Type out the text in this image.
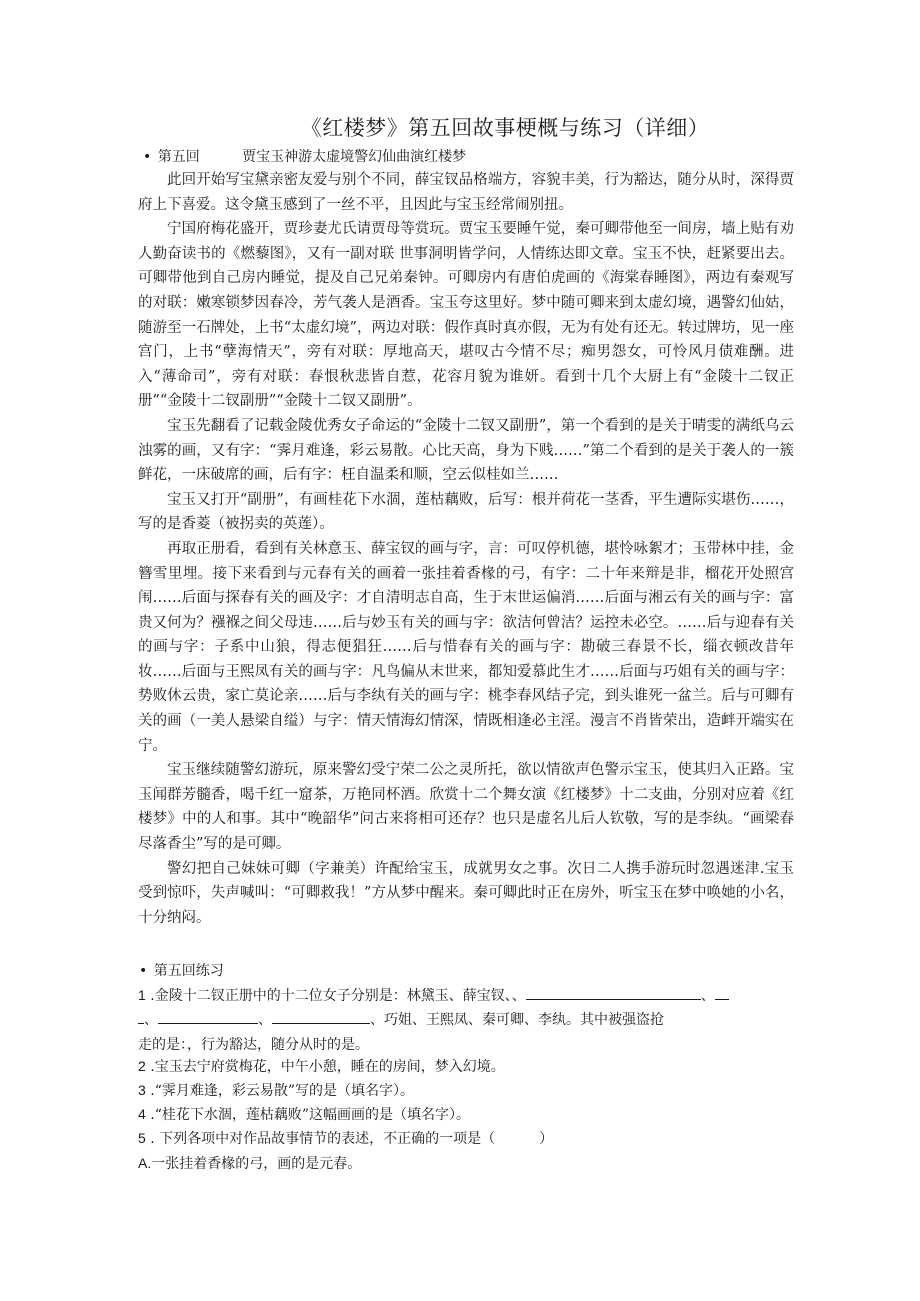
《红楼梦》第五回故事梗概与练习（详细）
• 第五回	贾宝玉神游太虚境警幻仙曲演红楼梦

此回开始写宝黛亲密友爱与别个不同，薛宝钗品格端方，容貌丰美，行为豁达，随分从时，深得贾府上下喜爱。这令黛玉感到了一丝不平，且因此与宝玉经常闹别扭。

宁国府梅花盛开，贾珍妻尤氏请贾母等赏玩。贾宝玉要睡午觉，秦可卿带他至一间房，墙上贴有劝人勤奋读书的《燃藜图》，又有一副对联 世事洞明皆学问，人情练达即文章。宝玉不快，赶紧要出去。可卿带他到自己房内睡觉，提及自己兄弟秦钟。可卿房内有唐伯虎画的《海棠春睡图》，两边有秦观写的对联：嫩寒锁梦因春冷，芳气袭人是酒香。宝玉夸这里好。梦中随可卿来到太虚幻境，遇警幻仙姑，随游至一石牌处，上书“太虚幻境”，两边对联：假作真时真亦假，无为有处有还无。转过牌坊，见一座宫门，上书“孽海情天”，旁有对联：厚地高天，堪叹古今情不尽；痴男怨女，可怜风月债难酬。进入“薄命司”，旁有对联：春恨秋悲皆自惹，花容月貌为谁妍。看到十几个大厨上有“金陵十二钗正册”“金陵十二钗副册”“金陵十二钗又副册”。

宝玉先翻看了记载金陵优秀女子命运的“金陵十二钗又副册”，第一个看到的是关于晴雯的满纸乌云浊雾的画，又有字：“霁月难逢，彩云易散。心比天高，身为下贱……”第二个看到的是关于袭人的一簇鲜花，一床破席的画，后有字：枉自温柔和顺，空云似桂如兰……

宝玉又打开“副册”，有画桂花下水涸，莲枯藕败，后写：根并荷花一茎香，平生遭际实堪伤……，写的是香菱（被拐卖的英莲）。

再取正册看，看到有关林意玉、薛宝钗的画与字，言：可叹停机德，堪怜咏絮才；玉带林中挂，金簪雪里埋。接下来看到与元春有关的画着一张挂着香椽的弓，有字：二十年来辩是非，榴花开处照宫闱……后面与探春有关的画及字：才自清明志自高，生于末世运偏消……后面与湘云有关的画与字：富贵又何为？襁褓之间父母违……后与妙玉有关的画与字：欲洁何曾洁？运控未必空。……后与迎春有关的画与字：子系中山狼，得志便猖狂……后与惜春有关的画与字：勘破三春景不长，缁衣顿改昔年妆……后面与王熙凤有关的画与字：凡鸟偏从末世来，都知爱慕此生才……后面与巧姐有关的画与字：势败休云贵，家亡莫论亲……后与李纨有关的画与字：桃李春风结子完，到头谁死一盆兰。后与可卿有关的画（一美人悬梁自缢）与字：情天情海幻情深，情既相逢必主淫。漫言不肖皆荣出，造衅开端实在宁。

宝玉继续随警幻游玩，原来警幻受宁荣二公之灵所托，欲以情欲声色警示宝玉，使其归入正路。宝玉闻群芳髓香，喝千红一窟茶，万艳同杯酒。欣赏十二个舞女演《红楼梦》十二支曲，分别对应着《红楼梦》中的人和事。其中“晚韶华”问古来将相可还存？也只是虚名儿后人钦敬，写的是李纨。“画梁春尽落香尘”写的是可卿。

警幻把自己妹妹可卿（字兼美）许配给宝玉，成就男女之事。次日二人携手游玩时忽遇迷津.宝玉受到惊吓，失声喊叫：“可卿救我！”方从梦中醒来。秦可卿此时正在房外，听宝玉在梦中唤她的小名，十分纳闷。

• 第五回练习
1 .金陵十二钗正册中的十二位女子分别是：林黛玉、薛宝钗、、	、
、	、	、巧姐、王熙凤、秦可卿、李纨。其中被强盗抢
走的是：，行为豁达，随分从时的是。
2 .宝玉去宁府赏梅花，中午小憩，睡在的房间，梦入幻境。
3 .“霁月难逢，彩云易散”写的是（填名字）。
4 .“桂花下水涸，莲枯藕败”这幅画画的是（填名字）。
5 . 下列各项中对作品故事情节的表述，不正确的一项是（	）
A.一张挂着香椽的弓，画的是元春。
